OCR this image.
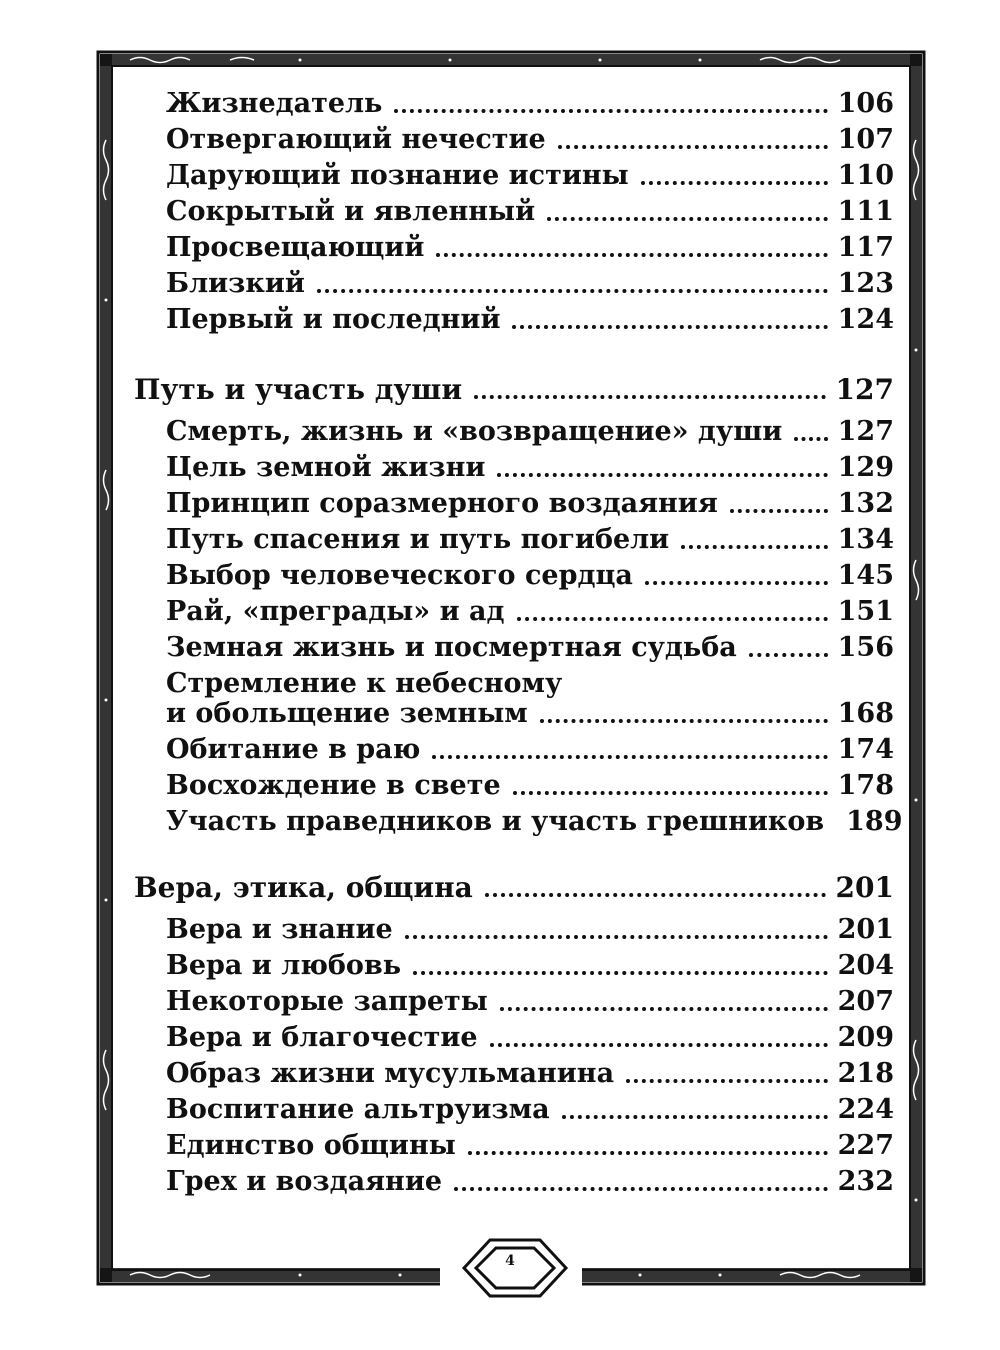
Жизнедатель	106
Отвергающий нечестие	107
Дарующий познание истины	110
Сокрытый и явленный	111
Просвещающий	117
Близкий	123
Первый и последний	124
Путь и участь души	127
Смерть, жизнь и «возвращение» души 127
Цель земной жизни	129
Принцип соразмерного воздаяния	132
Путь спасения и путь погибели	134
Выбор человеческого сердца	145
Рай, «преграды» и ад	151
Земная жизнь и посмертная судьба	156
Стремление к небесному
и обольщение земным	168
Обитание в раю	174
Восхождение в свете	178
Участь праведников и участь грешников 189
Вера, этика, община	201
Вера и знание	201
Вера и любовь	204
Некоторые запреты	207
Вера и благочестие	209
Образ жизни мусульманина	218
Воспитание альтруизма	224
Единство общины	227
Грех и воздаяние	232
4
